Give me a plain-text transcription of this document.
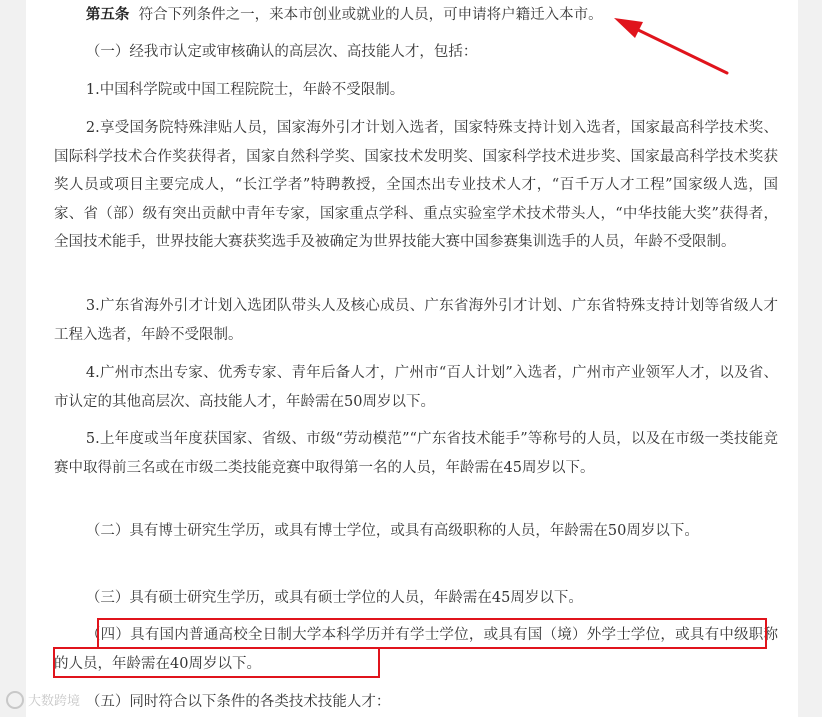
第五条 符合下列条件之一，来本市创业或就业的人员，可申请将户籍迁入本市。

（一）经我市认定或审核确认的高层次、高技能人才，包括：

1.中国科学院或中国工程院院士，年龄不受限制。

2.享受国务院特殊津贴人员，国家海外引才计划入选者，国家特殊支持计划入选者，国家最高科学技术奖、国际科学技术合作奖获得者，国家自然科学奖、国家技术发明奖、国家科学技术进步奖、国家最高科学技术奖获奖人员或项目主要完成人，“长江学者”特聘教授，全国杰出专业技术人才，“百千万人才工程”国家级人选，国家、省（部）级有突出贡献中青年专家，国家重点学科、重点实验室学术技术带头人，“中华技能大奖”获得者，全国技术能手，世界技能大赛获奖选手及被确定为世界技能大赛中国参赛集训选手的人员，年龄不受限制。

3.广东省海外引才计划入选团队带头人及核心成员、广东省海外引才计划、广东省特殊支持计划等省级人才工程入选者，年龄不受限制。

4.广州市杰出专家、优秀专家、青年后备人才，广州市“百人计划”入选者，广州市产业领军人才，以及省、市认定的其他高层次、高技能人才，年龄需在50周岁以下。

5.上年度或当年度获国家、省级、市级“劳动模范”“广东省技术能手”等称号的人员，以及在市级一类技能竞赛中取得前三名或在市级二类技能竞赛中取得第一名的人员，年龄需在45周岁以下。

（二）具有博士研究生学历，或具有博士学位，或具有高级职称的人员，年龄需在50周岁以下。

（三）具有硕士研究生学历，或具有硕士学位的人员，年龄需在45周岁以下。

（四）具有国内普通高校全日制大学本科学历并有学士学位，或具有国（境）外学士学位，或具有中级职称的人员，年龄需在40周岁以下。

（五）同时符合以下条件的各类技术技能人才：

大数跨境
